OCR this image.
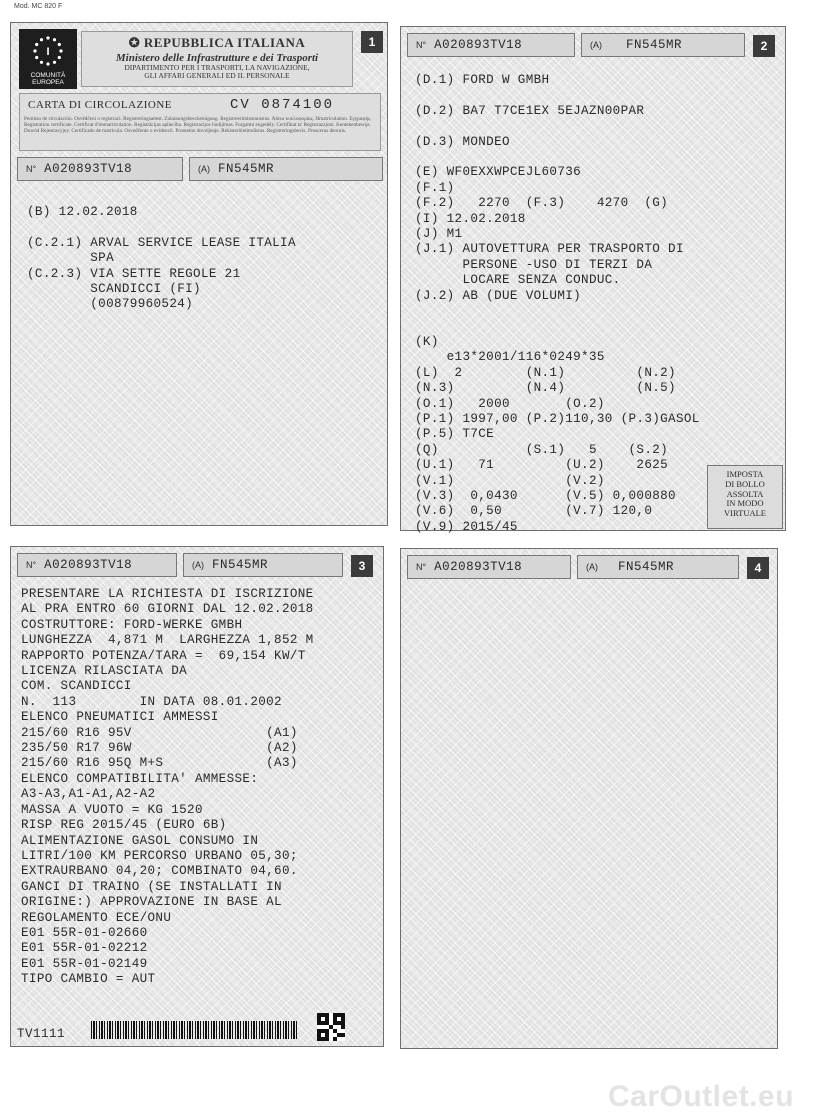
Mod. MC 820 F
1
I
COMUNITÀ
EUROPEA
✪ REPUBBLICA ITALIANA
Ministero delle Infrastrutture e dei Trasporti
DIPARTIMENTO PER I TRASPORTI, LA NAVIGAZIONE,
GLI AFFARI GENERALI ED IL PERSONALE
CARTA DI CIRCOLAZIONE	CV 0874100
Permiso de circulación. Osvědčení o registraci. Registreringsattest. Zulassungsbescheinigung. Registreerimistunnistus. Άδεια κυκλοφορίας. Ηmatriculation. Εγγραφής. Registration certificate. Certificat d'immatriculation. Registrācijas apliecība. Registracijos liudijimas. Forgalmi engedély. Certifikat ta' Registrazzjoni. Kentekenbewijs. Dowód Rejestracyjny. Certificado de matrícula. Osvedčenie o evidencii. Prometno dovoljenje. Rekisteröintitodistus. Registreringsbevis. Proscerus deoruis.
N° A020893TV18	(A) FN545MR
(B) 12.02.2018

(C.2.1) ARVAL SERVICE LEASE ITALIA
SPA
(C.2.3) VIA SETTE REGOLE 21
SCANDICCI (FI)
(00879960524)
2
N° A020893TV18	(A) FN545MR
(D.1) FORD W GMBH

(D.2) BA7 T7CE1EX 5EJAZN00PAR

(D.3) MONDEO

(E) WF0EXXWPCEJL60736
(F.1)
(F.2)   2270  (F.3)    4270  (G)
(I) 12.02.2018
(J) M1
(J.1) AUTOVETTURA PER TRASPORTO DI
PERSONE -USO DI TERZI DA
LOCARE SENZA CONDUC.
(J.2) AB (DUE VOLUMI)
(K)
e13*2001/116*0249*35
(L)  2        (N.1)         (N.2)
(N.3)         (N.4)         (N.5)
(O.1)   2000       (O.2)
(P.1) 1997,00 (P.2)110,30 (P.3)GASOL
(P.5) T7CE
(Q)           (S.1)   5    (S.2)
(U.1)   71         (U.2)    2625
(V.1)              (V.2)
(V.3)  0,0430      (V.5) 0,000880
(V.6)  0,50        (V.7) 120,0
(V.9) 2015/45
IMPOSTA
DI BOLLO
ASSOLTA
IN MODO
VIRTUALE
3
N° A020893TV18	(A) FN545MR
PRESENTARE LA RICHIESTA DI ISCRIZIONE
AL PRA ENTRO 60 GIORNI DAL 12.02.2018
COSTRUTTORE: FORD-WERKE GMBH
LUNGHEZZA  4,871 M  LARGHEZZA 1,852 M
RAPPORTO POTENZA/TARA =  69,154 KW/T
LICENZA RILASCIATA DA
COM. SCANDICCI
N.  113        IN DATA 08.01.2002
ELENCO PNEUMATICI AMMESSI
215/60 R16 95V                 (A1)
235/50 R17 96W                 (A2)
215/60 R16 95Q M+S             (A3)
ELENCO COMPATIBILITA' AMMESSE:
A3-A3,A1-A1,A2-A2
MASSA A VUOTO = KG 1520
RISP REG 2015/45 (EURO 6B)
ALIMENTAZIONE GASOL CONSUMO IN
LITRI/100 KM PERCORSO URBANO 05,30;
EXTRAURBANO 04,20; COMBINATO 04,60.
GANCI DI TRAINO (SE INSTALLATI IN
ORIGINE:) APPROVAZIONE IN BASE AL
REGOLAMENTO ECE/ONU
E01 55R-01-02660
E01 55R-01-02212
E01 55R-01-02149
TIPO CAMBIO = AUT
TV1111
4
N° A020893TV18	(A) FN545MR
CarOutlet.eu
